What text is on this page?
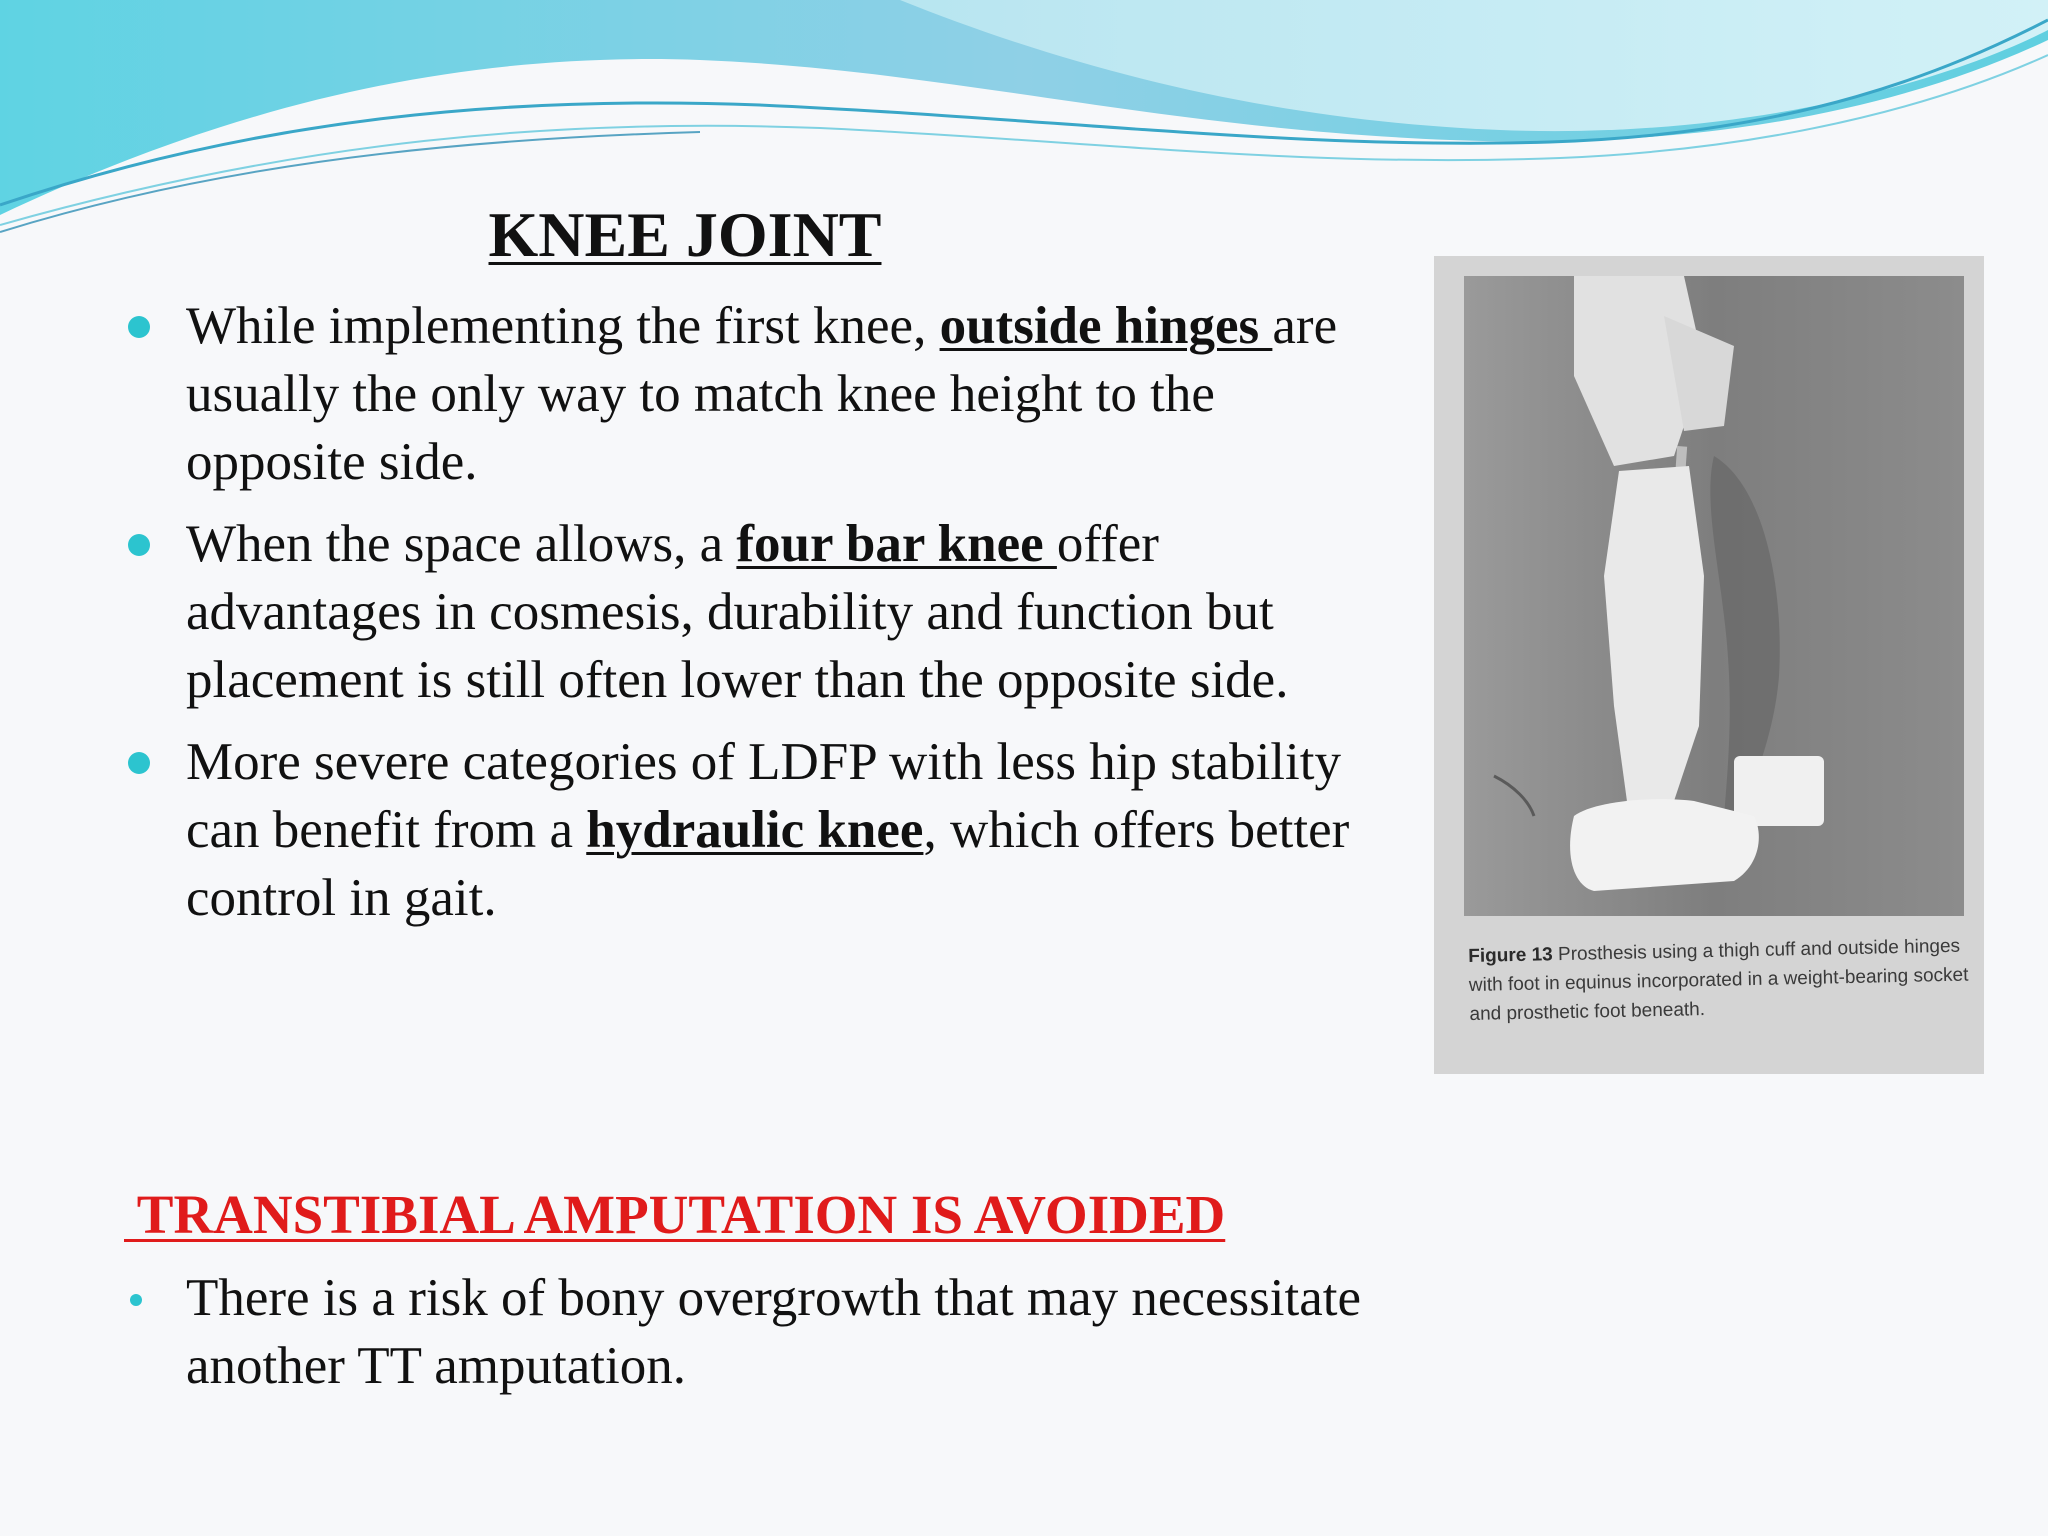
KNEE JOINT
While implementing the first knee, outside hinges are usually the only way to match knee height to the opposite side.
When the space allows, a four bar knee offer advantages in cosmesis, durability and function but placement is still often lower than the opposite side.
More severe categories of LDFP with less hip stability can benefit from a hydraulic knee, which offers better control in gait.
TRANSTIBIAL AMPUTATION IS AVOIDED
There is a risk of bony overgrowth that may necessitate another TT amputation.
Figure 13 Prosthesis using a thigh cuff and outside hinges with foot in equinus incorporated in a weight-bearing socket and prosthetic foot beneath.
